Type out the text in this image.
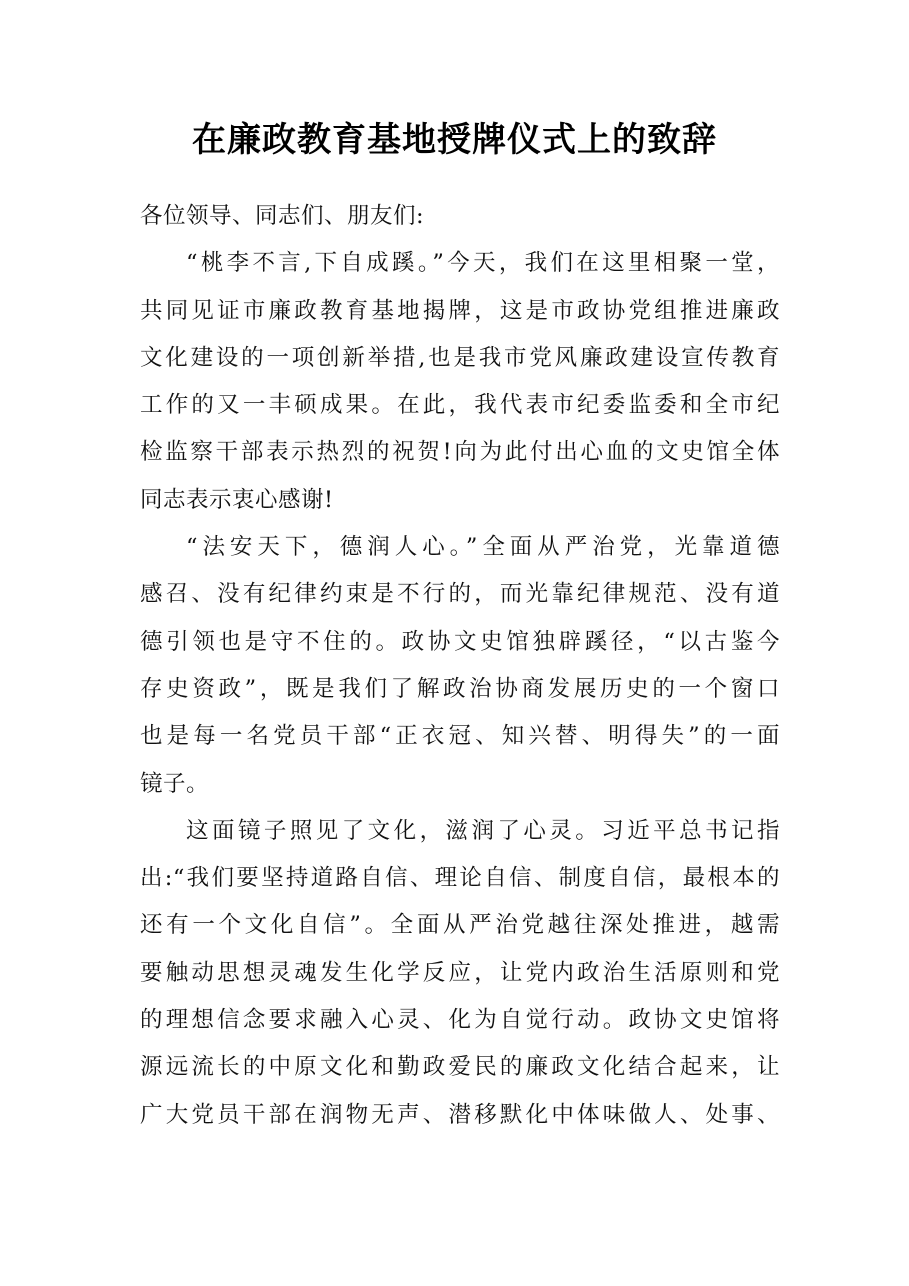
在廉政教育基地授牌仪式上的致辞

各位领导、同志们、朋友们:

“桃李不言,下自成蹊。”今天，我们在这里相聚一堂，

共同见证市廉政教育基地揭牌，这是市政协党组推进廉政

文化建设的一项创新举措,也是我市党风廉政建设宣传教育

工作的又一丰硕成果。在此，我代表市纪委监委和全市纪

检监察干部表示热烈的祝贺!向为此付出心血的文史馆全体

同志表示衷心感谢!

“法安天下，德润人心。”全面从严治党，光靠道德

感召、没有纪律约束是不行的，而光靠纪律规范、没有道

德引领也是守不住的。政协文史馆独辟蹊径，“以古鉴今

存史资政”，既是我们了解政治协商发展历史的一个窗口

也是每一名党员干部“正衣冠、知兴替、明得失”的一面

镜子。

这面镜子照见了文化，滋润了心灵。习近平总书记指

出:“我们要坚持道路自信、理论自信、制度自信，最根本的

还有一个文化自信”。全面从严治党越往深处推进，越需

要触动思想灵魂发生化学反应，让党内政治生活原则和党

的理想信念要求融入心灵、化为自觉行动。政协文史馆将

源远流长的中原文化和勤政爱民的廉政文化结合起来，让

广大党员干部在润物无声、潜移默化中体味做人、处事、
